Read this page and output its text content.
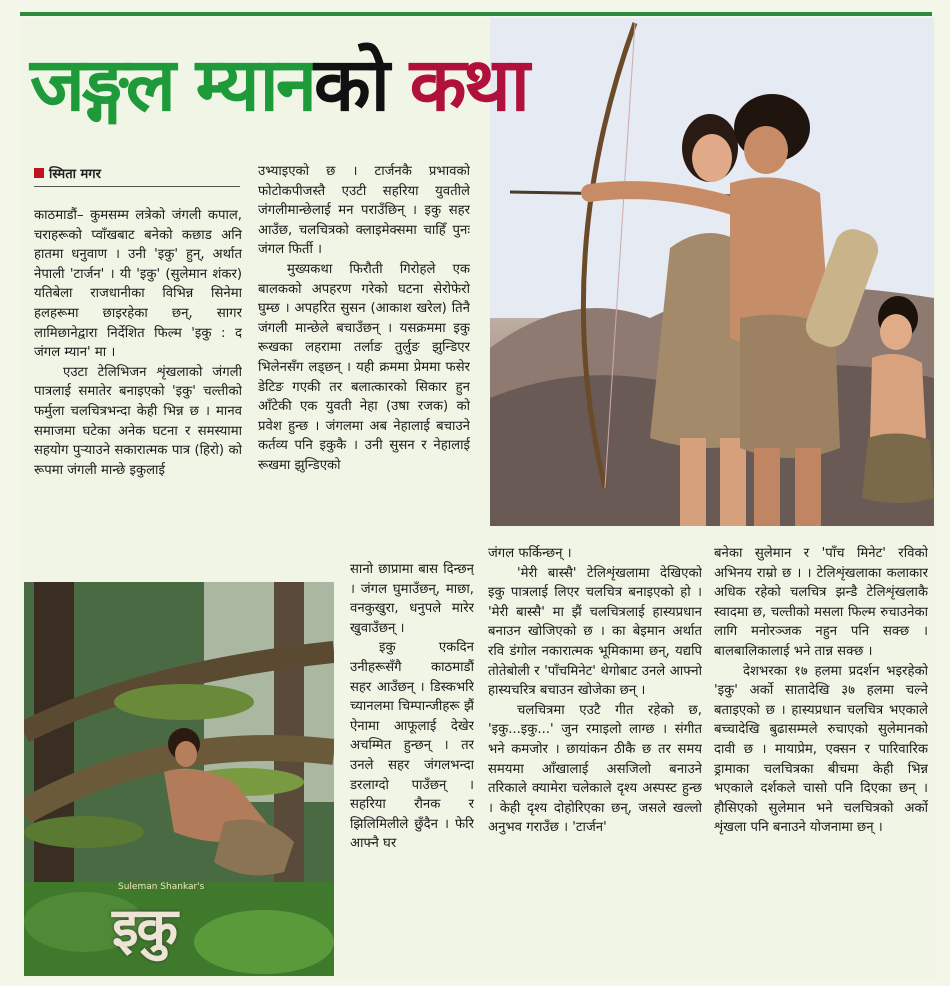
जङ्गल म्यानको कथा
स्मिता मगर

काठमाडौं– कुमसम्म लत्रेको जंगली कपाल, चराहरूको प्वाँखबाट बनेको कछाड अनि हातमा धनुवाण । उनी 'इकु' हुन्, अर्थात नेपाली 'टार्जन' । यी 'इकु' (सुलेमान शंकर) यतिबेला राजधानीका विभिन्न सिनेमा हलहरूमा छाइरहेका छन्, सागर लामिछानेद्वारा निर्देशित फिल्म 'इकु : द जंगल म्यान' मा ।

एउटा टेलिभिजन शृंखलाको जंगली पात्रलाई समातेर बनाइएको 'इकु' चल्तीको फर्मुला चलचित्रभन्दा केही भिन्न छ । मानव समाजमा घटेका अनेक घटना र समस्यामा सहयोग पुऱ्याउने सकारात्मक पात्र (हिरो) को रूपमा जंगली मान्छे इकुलाई

उभ्याइएको छ । टार्जनकै प्रभावको फोटोकपीजस्तै एउटी सहरिया युवतीले जंगलीमान्छेलाई मन पराउँछिन् । इकु सहर आउँछ, चलचित्रको क्लाइमेक्समा चाहिँ पुनः जंगल फिर्ती ।

मुख्यकथा फिरौती गिरोहले एक बालकको अपहरण गरेको घटना सेरोफेरो घुम्छ । अपहरित सुसन (आकाश खरेल) तिनै जंगली मान्छेले बचाउँछन् । यसक्रममा इकु रूखका लहरामा तर्लाङ तुर्लुङ झुन्डिएर भिलेनसँग लड्छन् । यही क्रममा प्रेममा फसेर डेटिङ गएकी तर बलात्कारको सिकार हुन आँटेकी एक युवती नेहा (उषा रजक) को प्रवेश हुन्छ । जंगलमा अब नेहालाई बचाउने कर्तव्य पनि इकुकै । उनी सुसन र नेहालाई रूखमा झुन्डिएको

सानो छाप्रामा बास दिन्छन् । जंगल घुमाउँछन्, माछा, वनकुखुरा, धनुपले मारेर खुवाउँछन् ।

इकु एकदिन उनीहरूसँगै काठमाडौं सहर आउँछन् । डिस्कभरि च्यानलमा चिम्पान्जीहरू झैं ऐनामा आफूलाई देखेर अचम्मित हुन्छन् । तर उनले सहर जंगलभन्दा डरलाग्दो पाउँछन् । सहरिया रौनक र झिलिमिलीले छुँदैन । फेरि आफ्नै घर

जंगल फर्किन्छन् ।

'मेरी बास्सै' टेलिशृंखलामा देखिएको इकु पात्रलाई लिएर चलचित्र बनाइएको हो । 'मेरी बास्सै' मा झैं चलचित्रलाई हास्यप्रधान बनाउन खोजिएको छ । का बेइमान अर्थात रवि डंगोल नकारात्मक भूमिकामा छन्, यद्यपि तोतेबोली र 'पाँचमिनेट' थेगोबाट उनले आफ्नो हास्यचरित्र बचाउन खोजेका छन् ।

चलचित्रमा एउटै गीत रहेको छ, 'इकु...इकु...' जुन रमाइलो लाग्छ । संगीत भने कमजोर । छायांकन ठीकै छ तर समय समयमा आँखालाई असजिलो बनाउने तरिकाले क्यामेरा चलेकाले दृश्य अस्पस्ट हुन्छ । केही दृश्य दोहोरिएका छन्, जसले खल्लो अनुभव गराउँछ । 'टार्जन'

बनेका सुलेमान र 'पाँच मिनेट' रविको अभिनय राम्रो छ । । टेलिशृंखलाका कलाकार अधिक रहेको चलचित्र झन्डै टेलिशृंखलाकै स्वादमा छ, चल्तीको मसला फिल्म रुचाउनेका लागि मनोरञ्जक नहुन पनि सक्छ । बालबालिकालाई भने तान्न सक्छ ।

देशभरका १७ हलमा प्रदर्शन भइरहेको 'इकु' अर्को सातादेखि ३७ हलमा चल्ने बताइएको छ । हास्यप्रधान चलचित्र भएकाले बच्चादेखि बुढासम्मले रुचाएको सुलेमानको दावी छ । मायाप्रेम, एक्सन र पारिवारिक ड्रामाका चलचित्रका बीचमा केही भिन्न भएकाले दर्शकले चासो पनि दिएका छन् । हौसिएको सुलेमान भने चलचित्रको अर्को शृंखला पनि बनाउने योजनामा छन् ।

Suleman Shankar's
इकु
